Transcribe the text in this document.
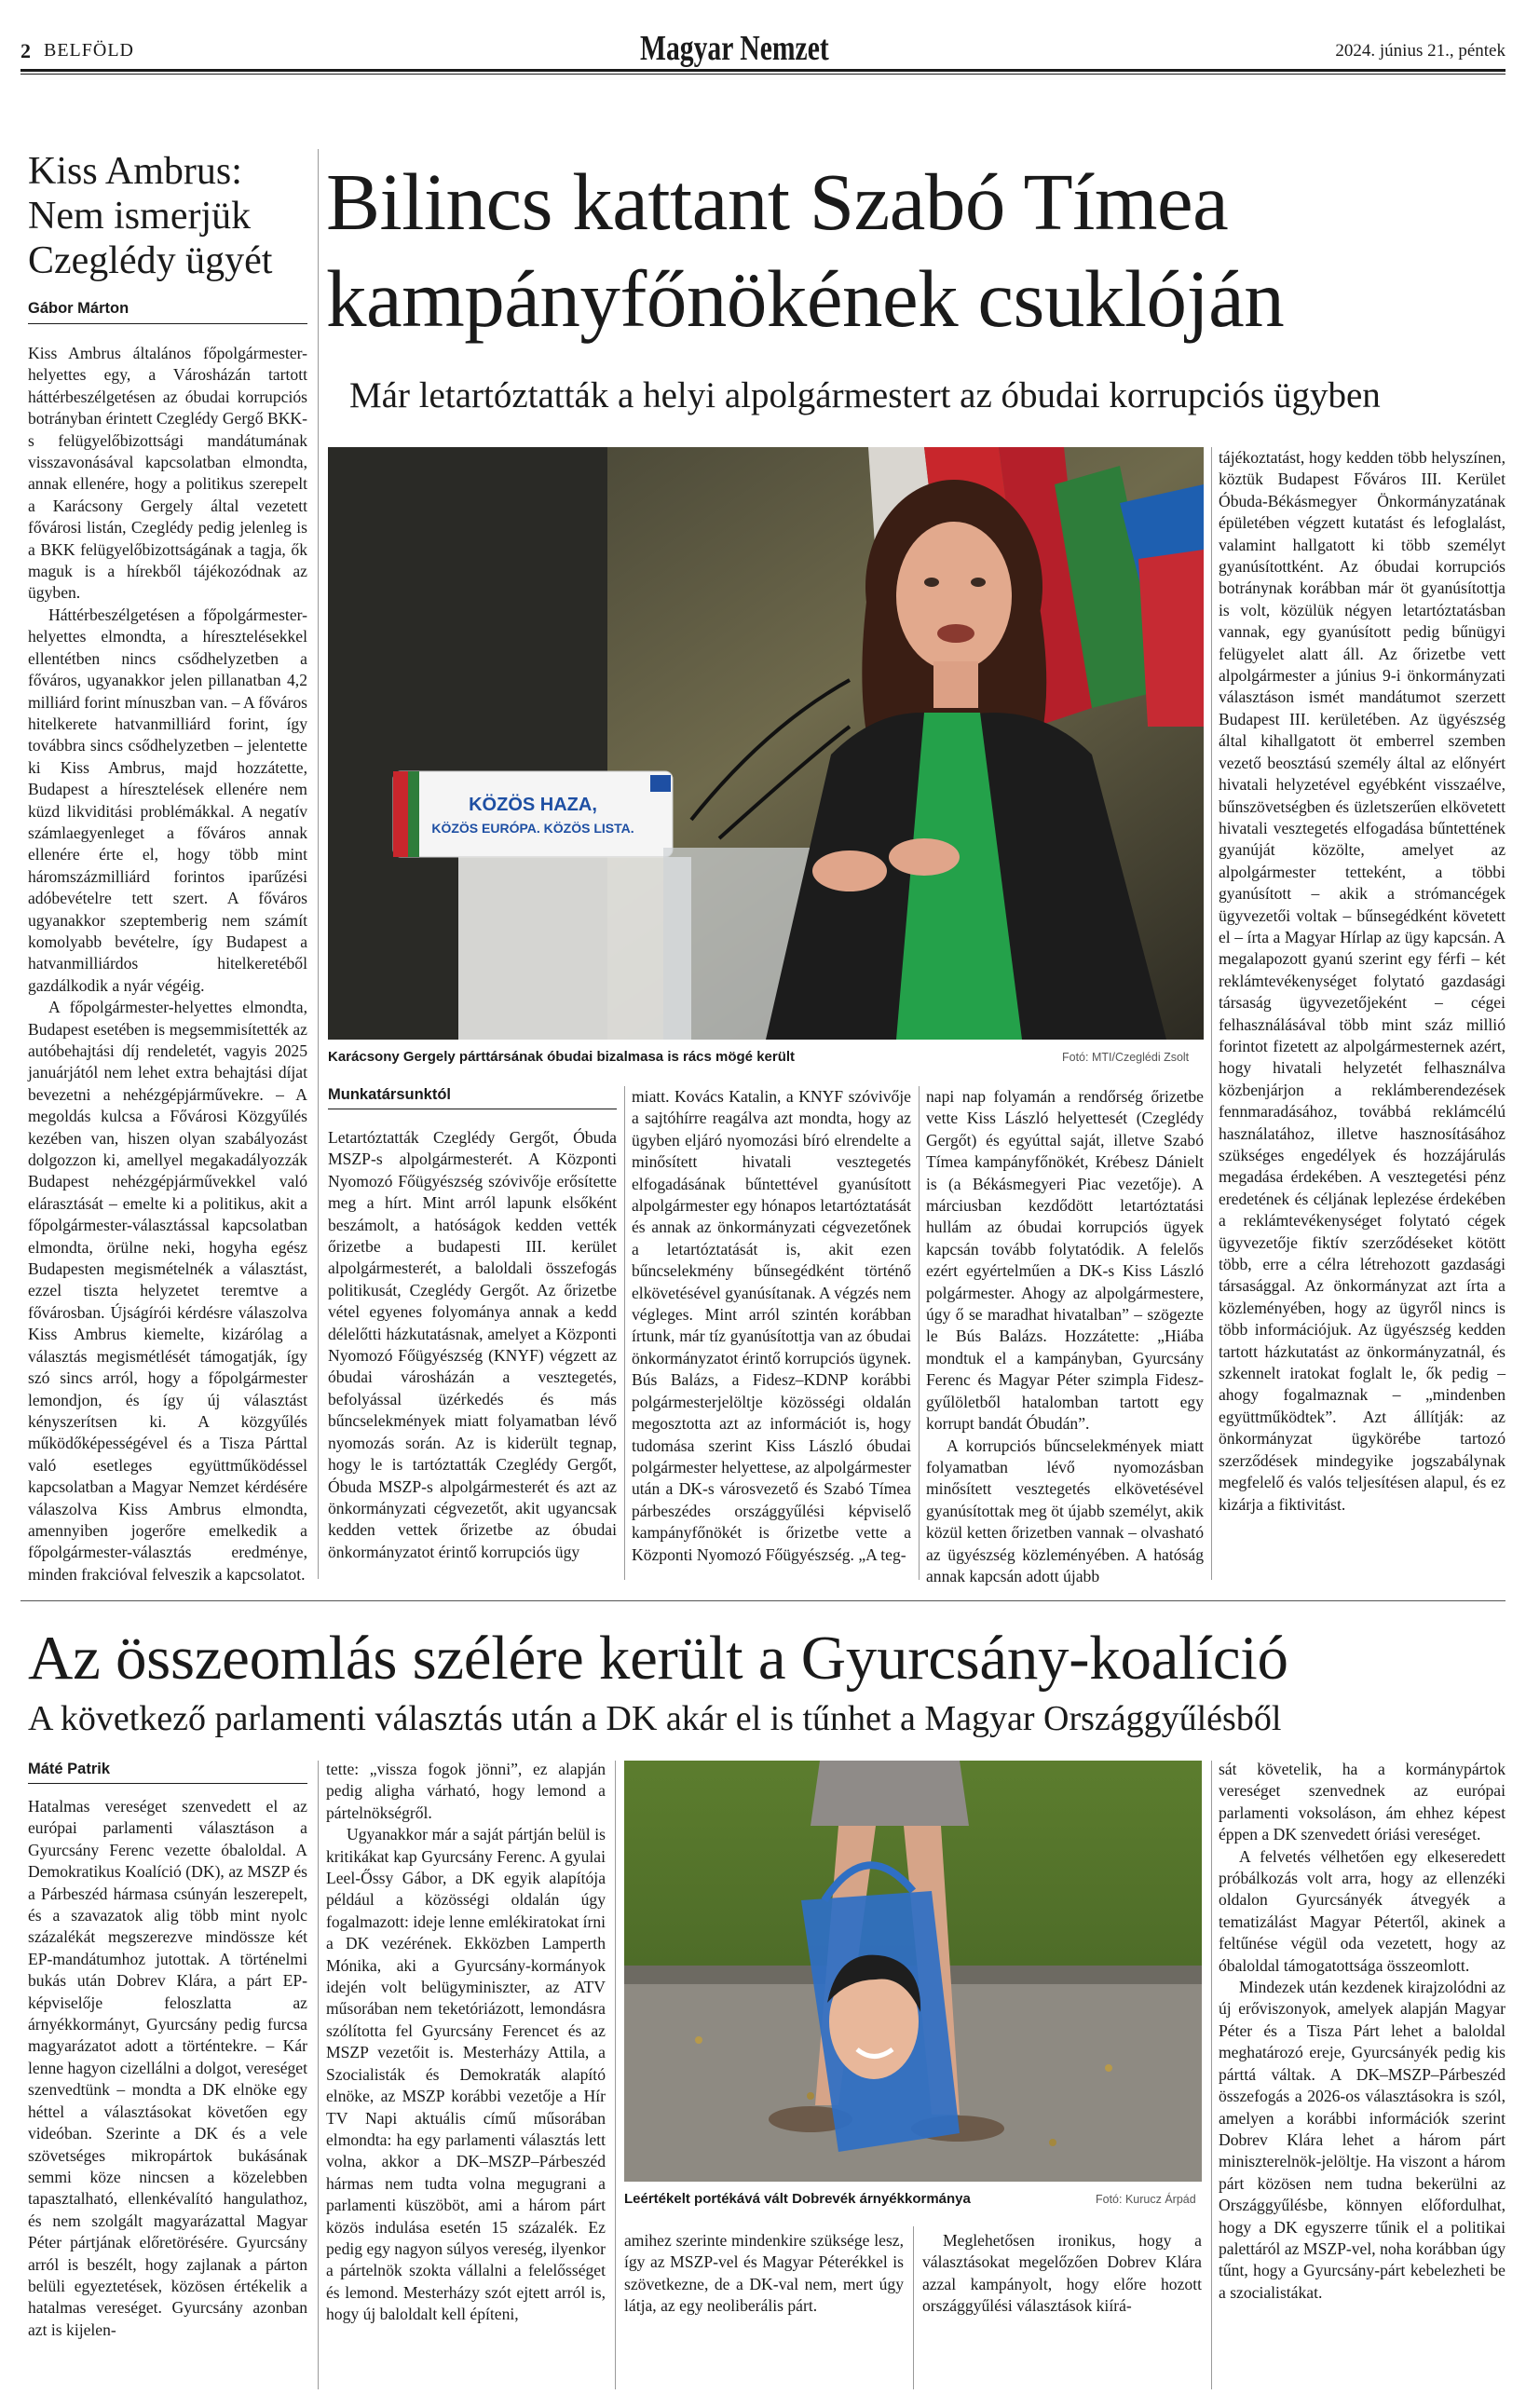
2 BELFÖLD	Magyar Nemzet	2024. június 21., péntek
Kiss Ambrus: Nem ismerjük Czeglédy ügyét
Gábor Márton

Kiss Ambrus általános főpolgármester-helyettes egy, a Városházán tartott háttérbeszélgetésen az óbudai korrupciós botrányban érintett Czeglédy Gergő BKK-s felügyelőbizottsági mandátumának visszavonásával kapcsolatban elmondta, annak ellenére, hogy a politikus szerepelt a Karácsony Gergely által vezetett fővárosi listán, Czeglédy pedig jelenleg is a BKK felügyelőbizottságának a tagja, ők maguk is a hírekből tájékozódnak az ügyben.

Háttérbeszélgetésen a főpolgármester-helyettes elmondta, a híresztelésekkel ellentétben nincs csődhelyzetben a főváros, ugyanakkor jelen pillanatban 4,2 milliárd forint mínuszban van. – A főváros hitelkerete hatvanmilliárd forint, így továbbra sincs csődhelyzetben – jelentette ki Kiss Ambrus, majd hozzátette, Budapest a híresztelések ellenére nem küzd likviditási problémákkal. A negatív számlaegyenleget a főváros annak ellenére érte el, hogy több mint háromszázmilliárd forintos iparűzési adóbevételre tett szert. A főváros ugyanakkor szeptemberig nem számít komolyabb bevételre, így Budapest a hatvanmilliárdos hitelkeretéből gazdálkodik a nyár végéig.

A főpolgármester-helyettes elmondta, Budapest esetében is megsemmisítették az autóbehajtási díj rendeletét, vagyis 2025 januárjától nem lehet extra behajtási díjat bevezetni a nehézgépjárművekre. – A megoldás kulcsa a Fővárosi Közgyűlés kezében van, hiszen olyan szabályozást dolgozzon ki, amellyel megakadályozzák Budapest nehézgépjárművekkel való elárasztását – emelte ki a politikus, akit a főpolgármester-választással kapcsolatban elmondta, örülne neki, hogyha egész Budapesten megismételnék a választást, ezzel tiszta helyzetet teremtve a fővárosban. Újságírói kérdésre válaszolva Kiss Ambrus kiemelte, kizárólag a választás megismétlését támogatják, így szó sincs arról, hogy a főpolgármester lemondjon, és így új választást kényszerítsen ki. A közgyűlés működőképességével és a Tisza Párttal való esetleges együttműködéssel kapcsolatban a Magyar Nemzet kérdésére válaszolva Kiss Ambrus elmondta, amennyiben jogerőre emelkedik a főpolgármester-választás eredménye, minden frakcióval felveszik a kapcsolatot.

Bilincs kattant Szabó Tímea kampányfőnökének csuklóján
Már letartóztatták a helyi alpolgármestert az óbudai korrupciós ügyben
KÖZÖS HAZA,
KÖZÖS EURÓPA. KÖZÖS LISTA.
Karácsony Gergely párttársának óbudai bizalmasa is rács mögé került	Fotó: MTI/Czeglédi Zsolt
Munkatársunktól

Letartóztatták Czeglédy Gergőt, Óbuda MSZP-s alpolgármesterét. A Központi Nyomozó Főügyészség szóvivője erősítette meg a hírt. Mint arról lapunk elsőként beszámolt, a hatóságok kedden vették őrizetbe a budapesti III. kerület alpolgármesterét, a baloldali összefogás politikusát, Czeglédy Gergőt. Az őrizetbe vétel egyenes folyománya annak a kedd délelőtti házkutatásnak, amelyet a Központi Nyomozó Főügyészség (KNYF) végzett az óbudai városházán a vesztegetés, befolyással üzérkedés és más bűncselekmények miatt folyamatban lévő nyomozás során. Az is kiderült tegnap, hogy le is tartóztatták Czeglédy Gergőt, Óbuda MSZP-s alpolgármesterét és azt az önkormányzati cégvezetőt, akit ugyancsak kedden vettek őrizetbe az óbudai önkormányzatot érintő korrupciós ügy

miatt. Kovács Katalin, a KNYF szóvivője a sajtóhírre reagálva azt mondta, hogy az ügyben eljáró nyomozási bíró elrendelte a minősített hivatali vesztegetés elfogadásának bűntettével gyanúsított alpolgármester egy hónapos letartóztatását és annak az önkormányzati cégvezetőnek a letartóztatását is, akit ezen bűncselekmény bűnsegédként történő elkövetésével gyanúsítanak. A végzés nem végleges. Mint arról szintén korábban írtunk, már tíz gyanúsítottja van az óbudai önkormányzatot érintő korrupciós ügynek. Bús Balázs, a Fidesz–KDNP korábbi polgármesterjelöltje közösségi oldalán megosztotta azt az információt is, hogy tudomása szerint Kiss László óbudai polgármester helyettese, az alpolgármester után a DK-s városvezető és Szabó Tímea párbeszédes országgyűlési képviselő kampányfőnökét is őrizetbe vette a Központi Nyomozó Főügyészség. „A teg-

napi nap folyamán a rendőrség őrizetbe vette Kiss László helyettesét (Czeglédy Gergőt) és egyúttal saját, illetve Szabó Tímea kampányfőnökét, Krébesz Dánielt is (a Békásmegyeri Piac vezetője). A márciusban kezdődött letartóztatási hullám az óbudai korrupciós ügyek kapcsán tovább folytatódik. A felelős ezért egyértelműen a DK-s Kiss László polgármester. Ahogy az alpolgármestere, úgy ő se maradhat hivatalban” – szögezte le Bús Balázs. Hozzátette: „Hiába mondtuk el a kampányban, Gyurcsány Ferenc és Magyar Péter szimpla Fidesz-gyűlöletből hatalomban tartott egy korrupt bandát Óbudán”.

A korrupciós bűncselekmények miatt folyamatban lévő nyomozásban minősített vesztegetés elkövetésével gyanúsítottak meg öt újabb személyt, akik közül ketten őrizetben vannak – olvasható az ügyészség közleményében. A hatóság annak kapcsán adott újabb

tájékoztatást, hogy kedden több helyszínen, köztük Budapest Főváros III. Kerület Óbuda-Békásmegyer Önkormányzatának épületében végzett kutatást és lefoglalást, valamint hallgatott ki több személyt gyanúsítottként. Az óbudai korrupciós botránynak korábban már öt gyanúsítottja is volt, közülük négyen letartóztatásban vannak, egy gyanúsított pedig bűnügyi felügyelet alatt áll. Az őrizetbe vett alpolgármester a június 9-i önkormányzati választáson ismét mandátumot szerzett Budapest III. kerületében. Az ügyészség által kihallgatott öt emberrel szemben vezető beosztású személy által az előnyért hivatali helyzetével egyébként visszaélve, bűnszövetségben és üzletszerűen elkövetett hivatali vesztegetés elfogadása bűntettének gyanúját közölte, amelyet az alpolgármester tetteként, a többi gyanúsított – akik a strómancégek ügyvezetői voltak – bűnsegédként követett el – írta a Magyar Hírlap az ügy kapcsán. A megalapozott gyanú szerint egy férfi – két reklámtevékenységet folytató gazdasági társaság ügyvezetőjeként – cégei felhasználásával több mint száz millió forintot fizetett az alpolgármesternek azért, hogy hivatali helyzetét felhasználva közbenjárjon a reklámberendezések fennmaradásához, továbbá reklámcélú használatához, illetve hasznosításához szükséges engedélyek és hozzájárulás megadása érdekében. A vesztegetési pénz eredetének és céljának leplezése érdekében a reklámtevékenységet folytató cégek ügyvezetője fiktív szerződéseket kötött több, erre a célra létrehozott gazdasági társasággal. Az önkormányzat azt írta a közleményében, hogy az ügyről nincs is több információjuk. Az ügyészség kedden tartott házkutatást az önkormányzatnál, és szkennelt iratokat foglalt le, ők pedig – ahogy fogalmaznak – „mindenben együttműködtek”. Azt állítják: az önkormányzat ügykörébe tartozó szerződések mindegyike jogszabálynak megfelelő és valós teljesítésen alapul, és ez kizárja a fiktivitást.

Az összeomlás szélére került a Gyurcsány-koalíció
A következő parlamenti választás után a DK akár el is tűnhet a Magyar Országgyűlésből
Máté Patrik

Hatalmas vereséget szenvedett el az európai parlamenti választáson a Gyurcsány Ferenc vezette óbaloldal. A Demokratikus Koalíció (DK), az MSZP és a Párbeszéd hármasa csúnyán leszerepelt, és a szavazatok alig több mint nyolc százalékát megszerezve mindössze két EP-mandátumhoz jutottak. A történelmi bukás után Dobrev Klára, a párt EP-képviselője feloszlatta az árnyékkormányt, Gyurcsány pedig furcsa magyarázatot adott a történtekre. – Kár lenne hagyon cizellálni a dolgot, vereséget szenvedtünk – mondta a DK elnöke egy héttel a választásokat követően egy videóban. Szerinte a DK és a vele szövetséges mikropártok bukásának semmi köze nincsen a közelebben tapasztalható, ellenkévalító hangulathoz, és nem szolgált magyarázattal Magyar Péter pártjának előretörésére. Gyurcsány arról is beszélt, hogy zajlanak a párton belüli egyeztetések, közösen értékelik a hatalmas vereséget. Gyurcsány azonban azt is kijelen-

tette: „vissza fogok jönni”, ez alapján pedig aligha várható, hogy lemond a pártelnökségről.

Ugyanakkor már a saját pártján belül is kritikákat kap Gyurcsány Ferenc. A gyulai Leel-Őssy Gábor, a DK egyik alapítója például a közösségi oldalán úgy fogalmazott: ideje lenne emlékiratokat írni a DK vezérének. Ekközben Lamperth Mónika, aki a Gyurcsány-kormányok idején volt belügyminiszter, az ATV műsorában nem teketóriázott, lemondásra szólította fel Gyurcsány Ferencet és az MSZP vezetőit is. Mesterházy Attila, a Szocialisták és Demokraták alapító elnöke, az MSZP korábbi vezetője a Hír TV Napi aktuális című műsorában elmondta: ha egy parlamenti választás lett volna, akkor a DK–MSZP–Párbeszéd hármas nem tudta volna megugrani a parlamenti küszöböt, ami a három párt közös indulása esetén 15 százalék. Ez pedig egy nagyon súlyos vereség, ilyenkor a pártelnök szokta vállalni a felelősséget és lemond. Mesterházy szót ejtett arról is, hogy új baloldalt kell építeni,

Leértékelt portékává vált Dobrevék árnyékkormánya	Fotó: Kurucz Árpád

amihez szerinte mindenkire szüksége lesz, így az MSZP-vel és Magyar Péterékkel is szövetkezne, de a DK-val nem, mert úgy látja, az egy neoliberális párt.

Meglehetősen ironikus, hogy a választásokat megelőzően Dobrev Klára azzal kampányolt, hogy előre hozott országgyűlési választások kiírá-

sát követelik, ha a kormánypártok vereséget szenvednek az európai parlamenti voksoláson, ám ehhez képest éppen a DK szenvedett óriási vereséget.

A felvetés vélhetően egy elkeseredett próbálkozás volt arra, hogy az ellenzéki oldalon Gyurcsányék átvegyék a tematizálást Magyar Pétertől, akinek a feltűnése végül oda vezetett, hogy az óbaloldal támogatottsága összeomlott.

Mindezek után kezdenek kirajzolódni az új erőviszonyok, amelyek alapján Magyar Péter és a Tisza Párt lehet a baloldal meghatározó ereje, Gyurcsányék pedig kis párttá váltak. A DK–MSZP–Párbeszéd összefogás a 2026-os választásokra is szól, amelyen a korábbi információk szerint Dobrev Klára lehet a három párt miniszterelnök-jelöltje. Ha viszont a három párt közösen nem tudna bekerülni az Országgyűlésbe, könnyen előfordulhat, hogy a DK egyszerre tűnik el a politikai palettáról az MSZP-vel, noha korábban úgy tűnt, hogy a Gyurcsány-párt kebelezheti be a szocialistákat.
